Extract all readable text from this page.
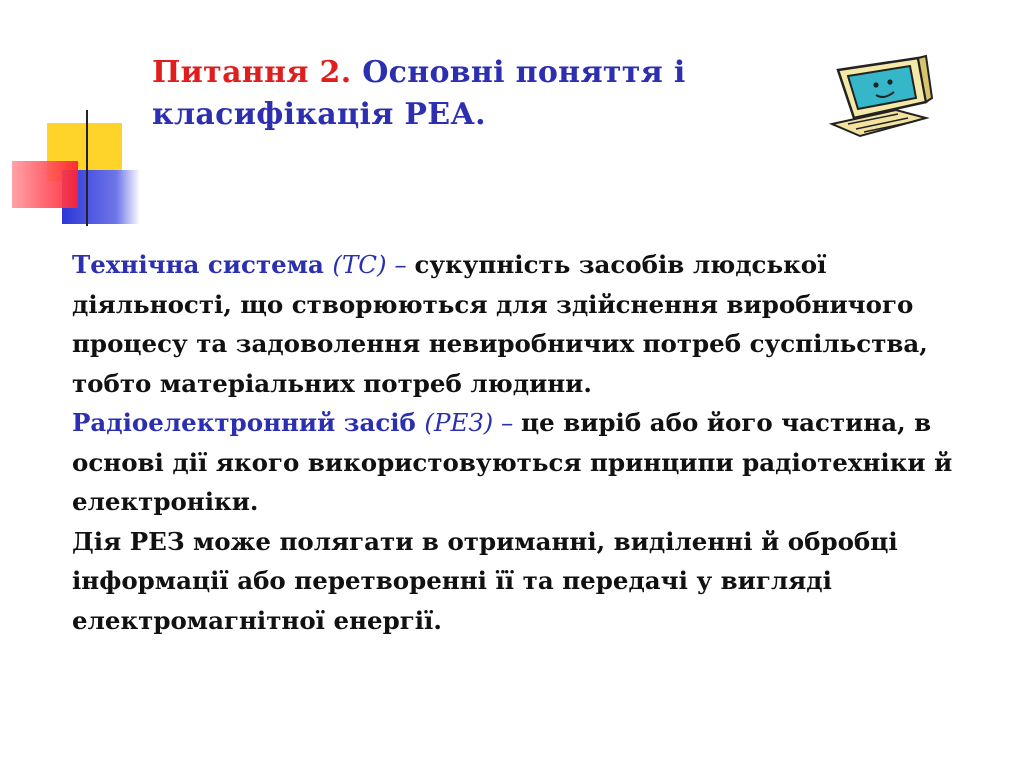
Питання 2. Основні поняття і класифікація РЕА.

Технічна система (ТС) – сукупність засобів людської діяльності, що створюються для здійснення виробничого процесу та задоволення невиробничих потреб суспільства, тобто матеріальних потреб людини.

Радіоелектронний засіб (РЕЗ) – це виріб або його частина, в основі дії якого використовуються принципи радіотехніки й електроніки.

Дія РЕЗ може полягати в отриманні, виділенні й обробці інформації або перетворенні її та передачі у вигляді електромагнітної енергії.
